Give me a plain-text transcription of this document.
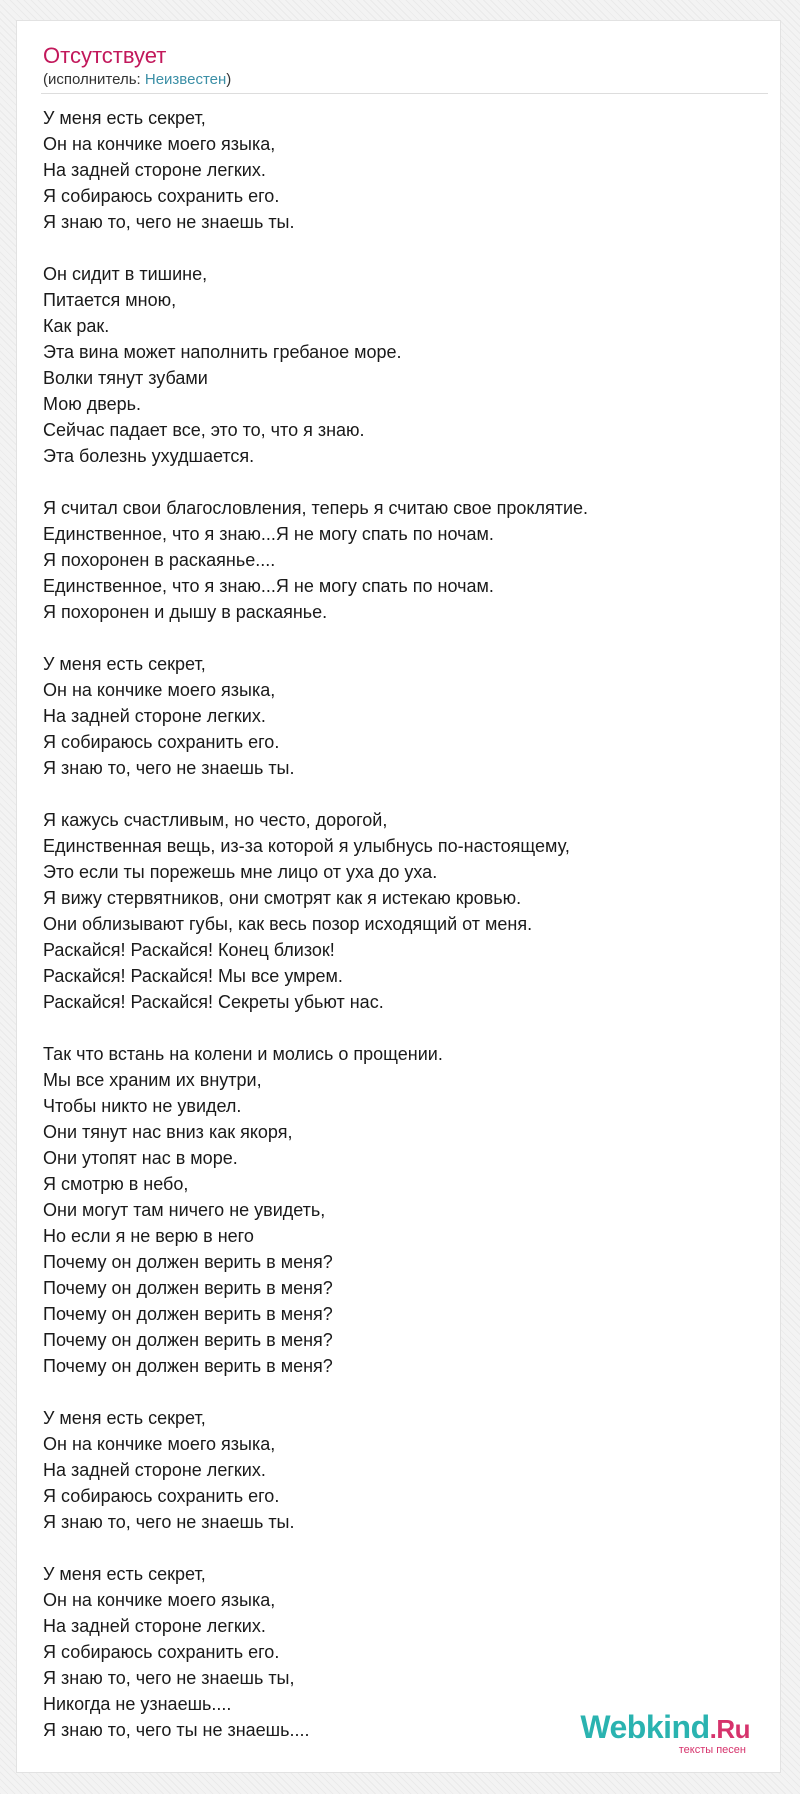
Отсутствует
(исполнитель: Неизвестен)
У меня есть секрет,
Он на кончике моего языка,
На задней стороне легких.
Я собираюсь сохранить его.
Я знаю то, чего не знаешь ты.
Он сидит в тишине,
Питается мною,
Как рак.
Эта вина может наполнить гребаное море.
Волки тянут зубами
Мою дверь.
Сейчас падает все, это то, что я знаю.
Эта болезнь ухудшается.
Я считал свои благословления, теперь я считаю свое проклятие.
Единственное, что я знаю...Я не могу спать по ночам.
Я похоронен в раскаянье....
Единственное, что я знаю...Я не могу спать по ночам.
Я похоронен и дышу в раскаянье.
У меня есть секрет,
Он на кончике моего языка,
На задней стороне легких.
Я собираюсь сохранить его.
Я знаю то, чего не знаешь ты.
Я кажусь счастливым, но често, дорогой,
Единственная вещь, из-за которой я улыбнусь по-настоящему,
Это если ты порежешь мне лицо от уха до уха.
Я вижу стервятников, они смотрят как я истекаю кровью.
Они облизывают губы, как весь позор исходящий от меня.
Раскайся! Раскайся! Конец близок!
Раскайся! Раскайся! Мы все умрем.
Раскайся! Раскайся! Секреты убьют нас.
Так что встань на колени и молись о прощении.
Мы все храним их внутри,
Чтобы никто не увидел.
Они тянут нас вниз как якоря,
Они утопят нас в море.
Я смотрю в небо,
Они могут там ничего не увидеть,
Но если я не верю в него
Почему он должен верить в меня?
Почему он должен верить в меня?
Почему он должен верить в меня?
Почему он должен верить в меня?
Почему он должен верить в меня?
У меня есть секрет,
Он на кончике моего языка,
На задней стороне легких.
Я собираюсь сохранить его.
Я знаю то, чего не знаешь ты.
У меня есть секрет,
Он на кончике моего языка,
На задней стороне легких.
Я собираюсь сохранить его.
Я знаю то, чего не знаешь ты,
Никогда не узнаешь....
Я знаю то, чего ты не знаешь....	Webkind.Ru
тексты песен
